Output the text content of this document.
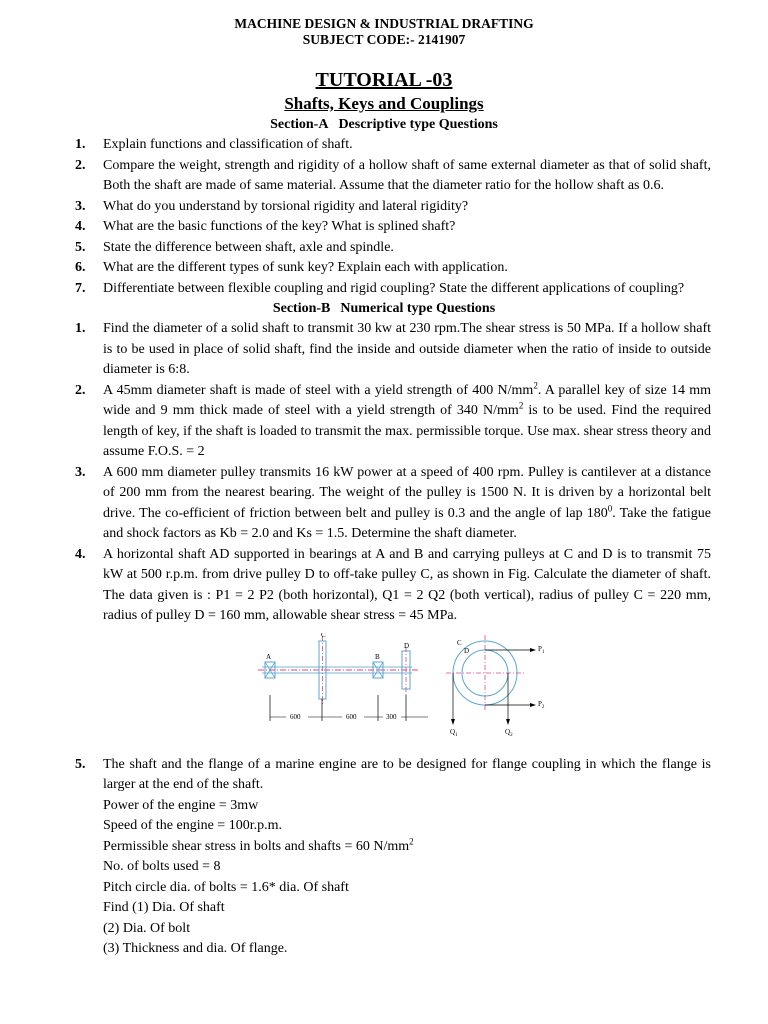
MACHINE DESIGN & INDUSTRIAL DRAFTING
SUBJECT CODE:- 2141907
TUTORIAL -03
Shafts, Keys and Couplings
Section-A Descriptive type Questions
1. Explain functions and classification of shaft.
2. Compare the weight, strength and rigidity of a hollow shaft of same external diameter as that of solid shaft, Both the shaft are made of same material. Assume that the diameter ratio for the hollow shaft as 0.6.
3. What do you understand by torsional rigidity and lateral rigidity?
4. What are the basic functions of the key? What is splined shaft?
5. State the difference between shaft, axle and spindle.
6. What are the different types of sunk key? Explain each with application.
7. Differentiate between flexible coupling and rigid coupling? State the different applications of coupling?
Section-B Numerical type Questions
1. Find the diameter of a solid shaft to transmit 30 kw at 230 rpm.The shear stress is 50 MPa. If a hollow shaft is to be used in place of solid shaft, find the inside and outside diameter when the ratio of inside to outside diameter is 6:8.
2. A 45mm diameter shaft is made of steel with a yield strength of 400 $N/mm^2$. A parallel key of size 14 mm wide and 9 mm thick made of steel with a yield strength of 340 $N/mm^2$ is to be used. Find the required length of key, if the shaft is loaded to transmit the max. permissible torque. Use max. shear stress theory and assume F.O.S. = 2
3. A 600 mm diameter pulley transmits 16 kW power at a speed of 400 rpm. Pulley is cantilever at a distance of 200 mm from the nearest bearing. The weight of the pulley is 1500 N. It is driven by a horizontal belt drive. The co-efficient of friction between belt and pulley is 0.3 and the angle of lap $180^0$. Take the fatigue and shock factors as Kb = 2.0 and Ks = 1.5. Determine the shaft diameter.
4. A horizontal shaft AD supported in bearings at A and B and carrying pulleys at C and D is to transmit 75 kW at 500 r.p.m. from drive pulley D to off-take pulley C, as shown in Fig. Calculate the diameter of shaft. The data given is : P1 = 2 P2 (both horizontal), Q1 = 2 Q2 (both vertical), radius of pulley C = 220 mm, radius of pulley D = 160 mm, allowable shear stress = 45 MPa.
A
C
B
D
600	600	300
C
D	$P_1$
$P_2$
$Q_1$	$Q_2$
5. The shaft and the flange of a marine engine are to be designed for flange coupling in which the flange is larger at the end of the shaft.
Power of the engine = 3mw
Speed of the engine = 100r.p.m.
Permissible shear stress in bolts and shafts = 60 $N/mm^2$
No. of bolts used = 8
Pitch circle dia. of bolts = 1.6* dia. Of shaft
Find (1) Dia. Of shaft
(2) Dia. Of bolt
(3) Thickness and dia. Of flange.
